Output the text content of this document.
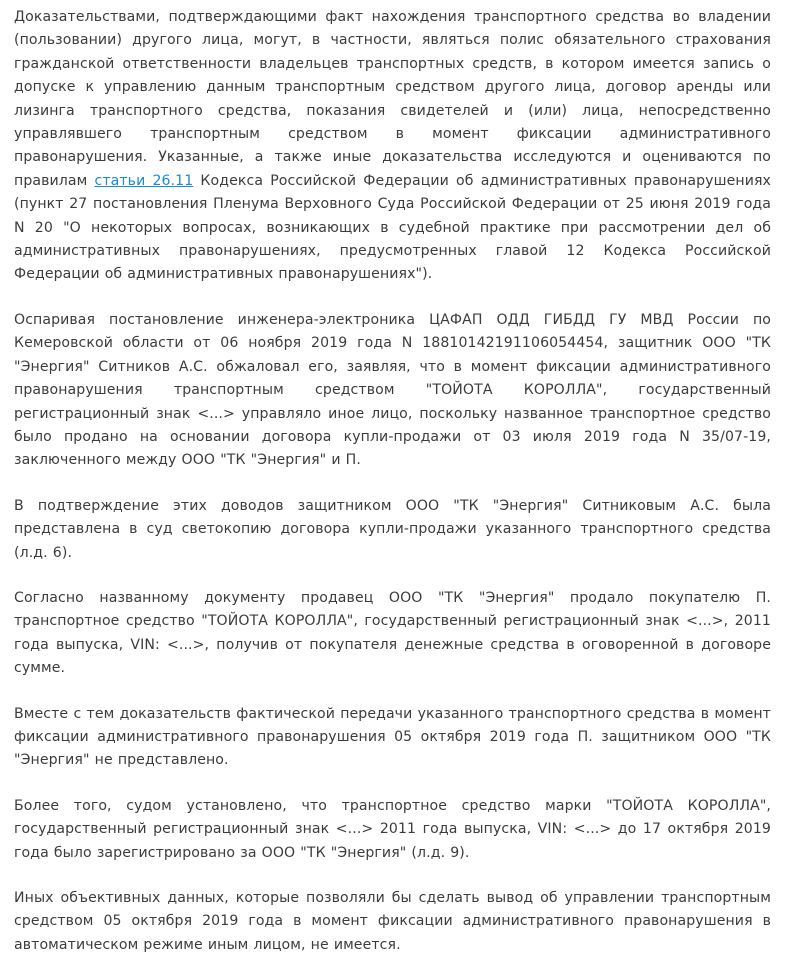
Доказательствами, подтверждающими факт нахождения транспортного средства во владении (пользовании) другого лица, могут, в частности, являться полис обязательного страхования гражданской ответственности владельцев транспортных средств, в котором имеется запись о допуске к управлению данным транспортным средством другого лица, договор аренды или лизинга транспортного средства, показания свидетелей и (или) лица, непосредственно управлявшего транспортным средством в момент фиксации административного правонарушения. Указанные, а также иные доказательства исследуются и оцениваются по правилам статьи 26.11 Кодекса Российской Федерации об административных правонарушениях (пункт 27 постановления Пленума Верховного Суда Российской Федерации от 25 июня 2019 года N 20 "О некоторых вопросах, возникающих в судебной практике при рассмотрении дел об административных правонарушениях, предусмотренных главой 12 Кодекса Российской Федерации об административных правонарушениях").

Оспаривая постановление инженера-электроника ЦАФАП ОДД ГИБДД ГУ МВД России по Кемеровской области от 06 ноября 2019 года N 18810142191106054454, защитник ООО "ТК "Энергия" Ситников А.С. обжаловал его, заявляя, что в момент фиксации административного правонарушения транспортным средством "ТОЙОТА КОРОЛЛА", государственный регистрационный знак <...> управляло иное лицо, поскольку названное транспортное средство было продано на основании договора купли-продажи от 03 июля 2019 года N 35/07-19, заключенного между ООО "ТК "Энергия" и П.

В подтверждение этих доводов защитником ООО "ТК "Энергия" Ситниковым А.С. была представлена в суд светокопию договора купли-продажи указанного транспортного средства (л.д. 6).

Согласно названному документу продавец ООО "ТК "Энергия" продало покупателю П. транспортное средство "ТОЙОТА КОРОЛЛА", государственный регистрационный знак <...>, 2011 года выпуска, VIN: <...>, получив от покупателя денежные средства в оговоренной в договоре сумме.

Вместе с тем доказательств фактической передачи указанного транспортного средства в момент фиксации административного правонарушения 05 октября 2019 года П. защитником ООО "ТК "Энергия" не представлено.

Более того, судом установлено, что транспортное средство марки "ТОЙОТА КОРОЛЛА", государственный регистрационный знак <...> 2011 года выпуска, VIN: <...> до 17 октября 2019 года было зарегистрировано за ООО "ТК "Энергия" (л.д. 9).

Иных объективных данных, которые позволяли бы сделать вывод об управлении транспортным средством 05 октября 2019 года в момент фиксации административного правонарушения в автоматическом режиме иным лицом, не имеется.
